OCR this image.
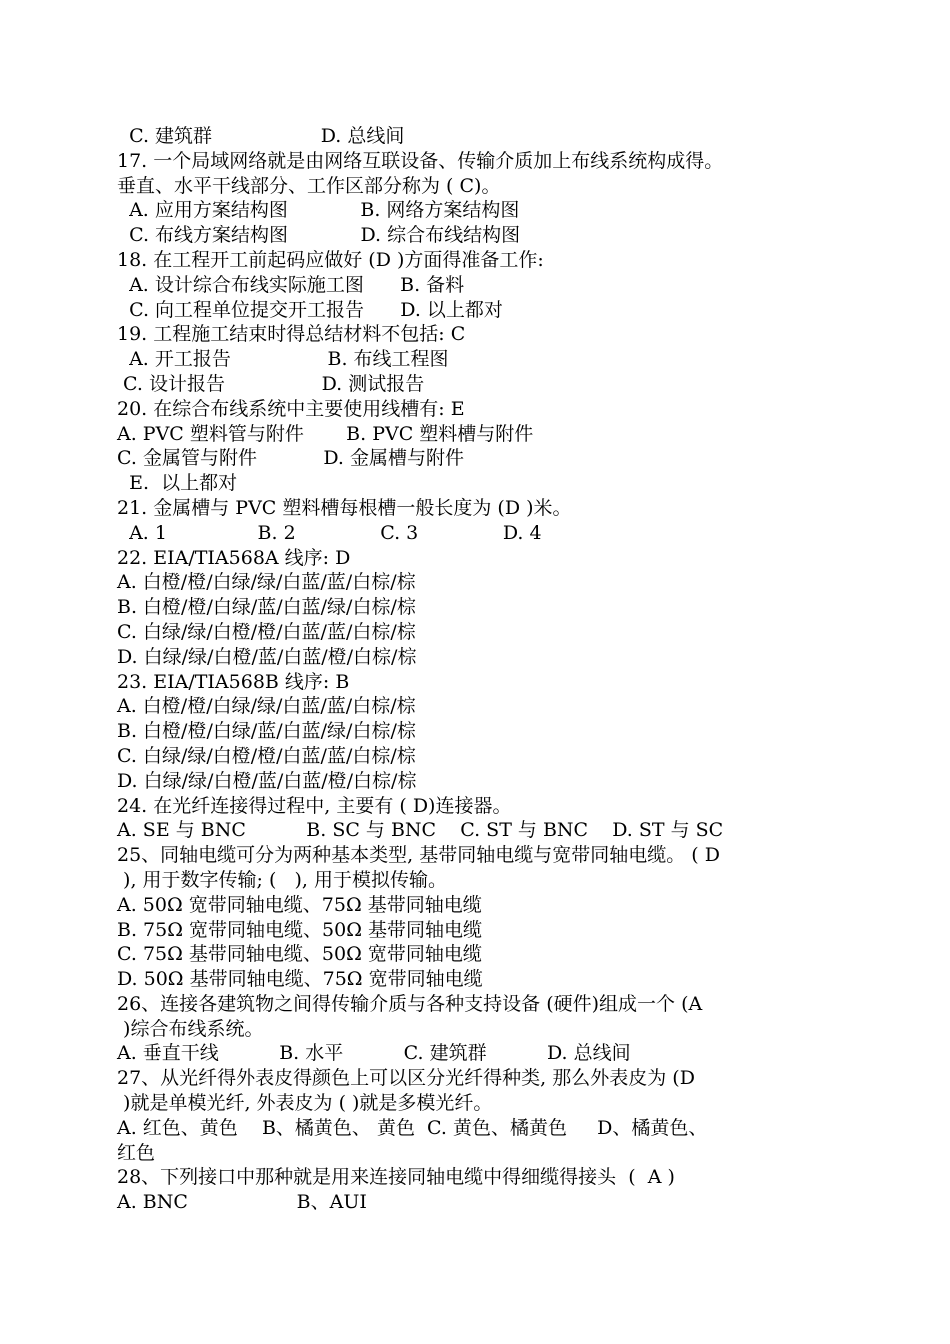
C. 建筑群                  D. 总线间
17. 一个局域网络就是由网络互联设备、传输介质加上布线系统构成得。
垂直、水平干线部分、工作区部分称为 ( C)。
A. 应用方案结构图            B. 网络方案结构图
C. 布线方案结构图            D. 综合布线结构图
18. 在工程开工前起码应做好 (D )方面得准备工作:
A. 设计综合布线实际施工图      B. 备料
C. 向工程单位提交开工报告      D. 以上都对
19. 工程施工结束时得总结材料不包括: C
A. 开工报告                B. 布线工程图
C. 设计报告                D. 测试报告
20. 在综合布线系统中主要使用线槽有: E
A. PVC 塑料管与附件       B. PVC 塑料槽与附件
C. 金属管与附件           D. 金属槽与附件
E.  以上都对
21. 金属槽与 PVC 塑料槽每根槽一般长度为 (D )米。
A. 1               B. 2              C. 3              D. 4
22. EIA/TIA568A 线序: D
A. 白橙/橙/白绿/绿/白蓝/蓝/白棕/棕
B. 白橙/橙/白绿/蓝/白蓝/绿/白棕/棕
C. 白绿/绿/白橙/橙/白蓝/蓝/白棕/棕
D. 白绿/绿/白橙/蓝/白蓝/橙/白棕/棕
23. EIA/TIA568B 线序: B
A. 白橙/橙/白绿/绿/白蓝/蓝/白棕/棕
B. 白橙/橙/白绿/蓝/白蓝/绿/白棕/棕
C. 白绿/绿/白橙/橙/白蓝/蓝/白棕/棕
D. 白绿/绿/白橙/蓝/白蓝/橙/白棕/棕
24. 在光纤连接得过程中, 主要有 ( D)连接器。
A. SE 与 BNC          B. SC 与 BNC    C. ST 与 BNC    D. ST 与 SC
25、同轴电缆可分为两种基本类型, 基带同轴电缆与宽带同轴电缆。 ( D
), 用于数字传输; (   ), 用于模拟传输。
A. 50Ω 宽带同轴电缆、75Ω 基带同轴电缆
B. 75Ω 宽带同轴电缆、50Ω 基带同轴电缆
C. 75Ω 基带同轴电缆、50Ω 宽带同轴电缆
D. 50Ω 基带同轴电缆、75Ω 宽带同轴电缆
26、连接各建筑物之间得传输介质与各种支持设备 (硬件)组成一个 (A
)综合布线系统。
A. 垂直干线          B. 水平          C. 建筑群          D. 总线间
27、从光纤得外表皮得颜色上可以区分光纤得种类, 那么外表皮为 (D
)就是单模光纤, 外表皮为 ( )就是多模光纤。
A. 红色、黄色    B、橘黄色、 黄色  C. 黄色、橘黄色     D、橘黄色、
红色
28、下列接口中那种就是用来连接同轴电缆中得细缆得接头  (  A )
A. BNC                  B、AUI
